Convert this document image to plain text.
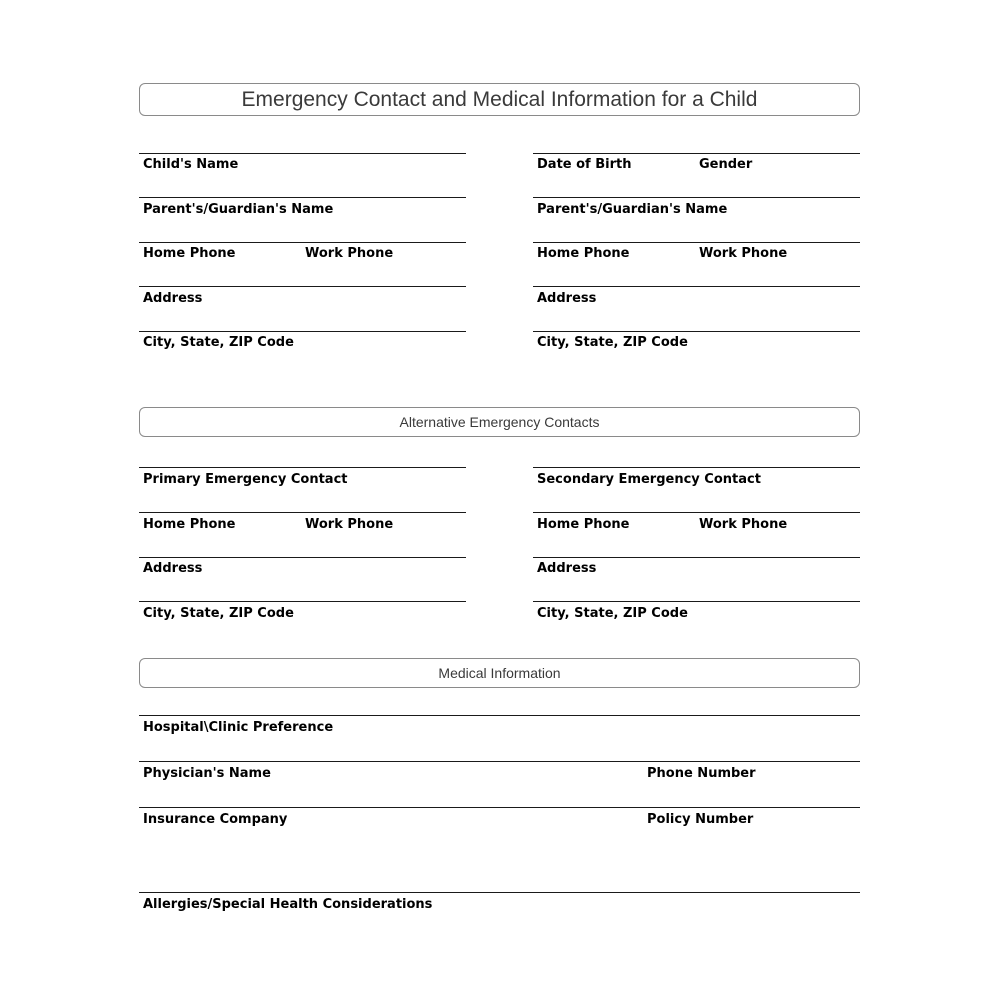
Emergency Contact and Medical Information for a Child
Child's Name
Parent's/Guardian's Name
Home Phone	Work Phone
Address
City, State, ZIP Code
Date of Birth	Gender
Parent's/Guardian's Name
Home Phone	Work Phone
Address
City, State, ZIP Code
Alternative Emergency Contacts
Primary Emergency Contact
Home Phone	Work Phone
Address
City, State, ZIP Code
Secondary Emergency Contact
Home Phone	Work Phone
Address
City, State, ZIP Code
Medical Information
Hospital\Clinic Preference
Physician's Name	Phone Number
Insurance Company	Policy Number
Allergies/Special Health Considerations
